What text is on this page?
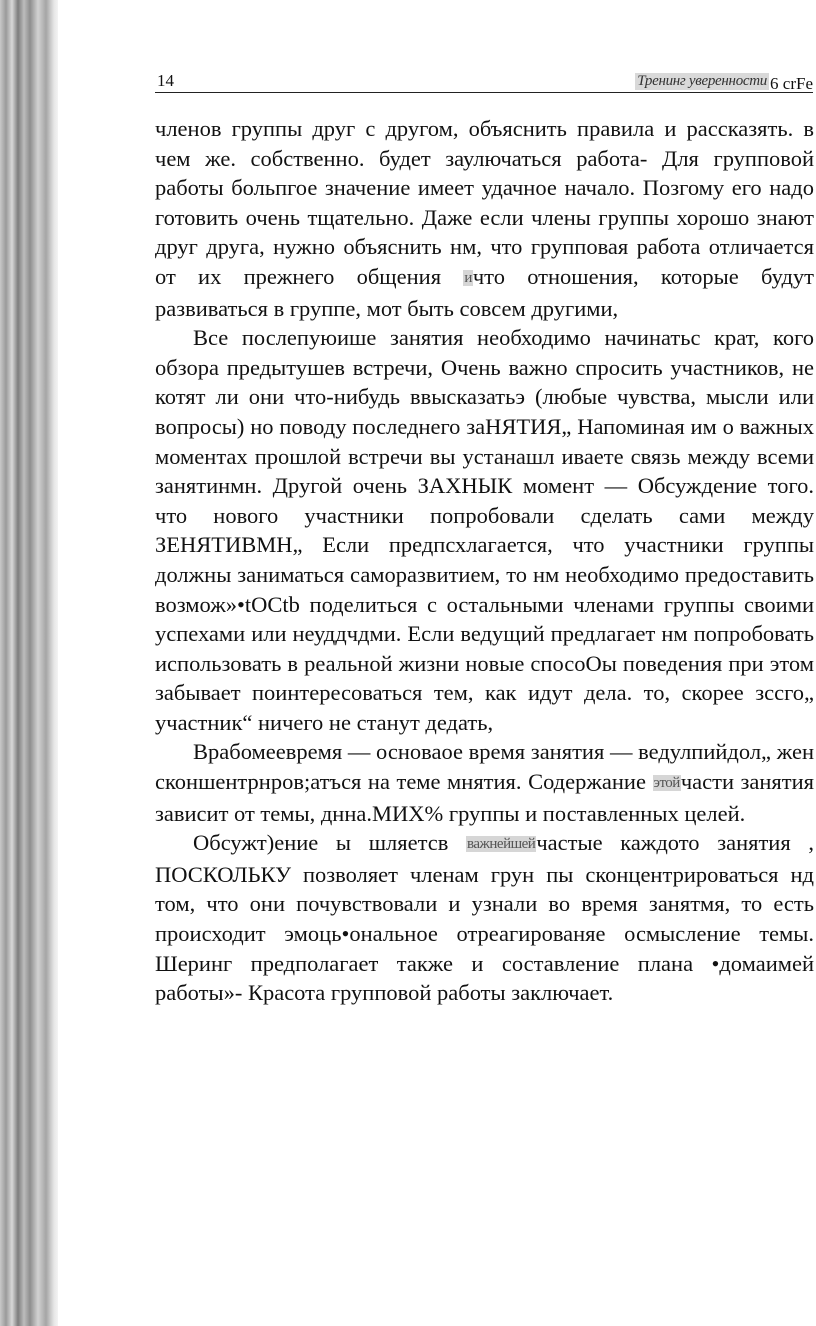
14	Тренинг уверенности 6 crFe

членов группы друг с другом, объяснить правила и рассказять. в чем же. собственно. будет заулючаться работа- Для групповой работы больпгое значение имеет удачное начало. Позгому его надо готовить очень тщательно. Даже если члены группы хорошо знают друг друга, нужно объяснить нм, что групповая работа отличается от их прежнего общения ичто отношения, которые будут развиваться в группе, мот быть совсем другими,

Все послепуюише занятия необходимо начинатьс крат, кого обзора предытушев встречи, Очень важно спросить участников, не котят ли они что-нибудь ввысказатьэ (любые чувства, мысли или вопросы) но поводу последнего заНЯТИЯ„ Напоминая им о важных моментах прошлой встречи вы устанашл иваете связь между всеми занятинмн. Другой очень ЗАХНЫК момент — Обсуждение того. что нового участники попробовали сделать сами между ЗЕНЯТИВМН„ Если предпсхлагается, что участники группы должны заниматься саморазвитием, то нм необходимо предоставить возмож»•tOCtb поделиться с остальными членами группы своими успехами или неуддчдми. Если ведущий предлагает нм попробовать использовать в реальной жизни новые спосоОы поведения при этом забывает поинтересоваться тем, как идут дела. то, скорее зссго„ участник“ ничего не станут дедать,

Врабомеевремя — основаое время занятия — ведулпийдол„ жен сконшентрнров;атъся на теме мнятия. Содержание этойчасти занятия зависит от темы, днна.МИХ% группы и поставленных целей.

Обсужт)ение ы шляетсв важнейшейчастые каждото занятия , ПОСКОЛЬКУ позволяет членам грун пы сконцентрироваться нд том, что они почувствовали и узнали во время занятмя, то есть происходит эмоць•ональное отреагированяе осмысление темы. Шеринг предполагает также и составление плана •домаимей работы»- Красота групповой работы заключает.
